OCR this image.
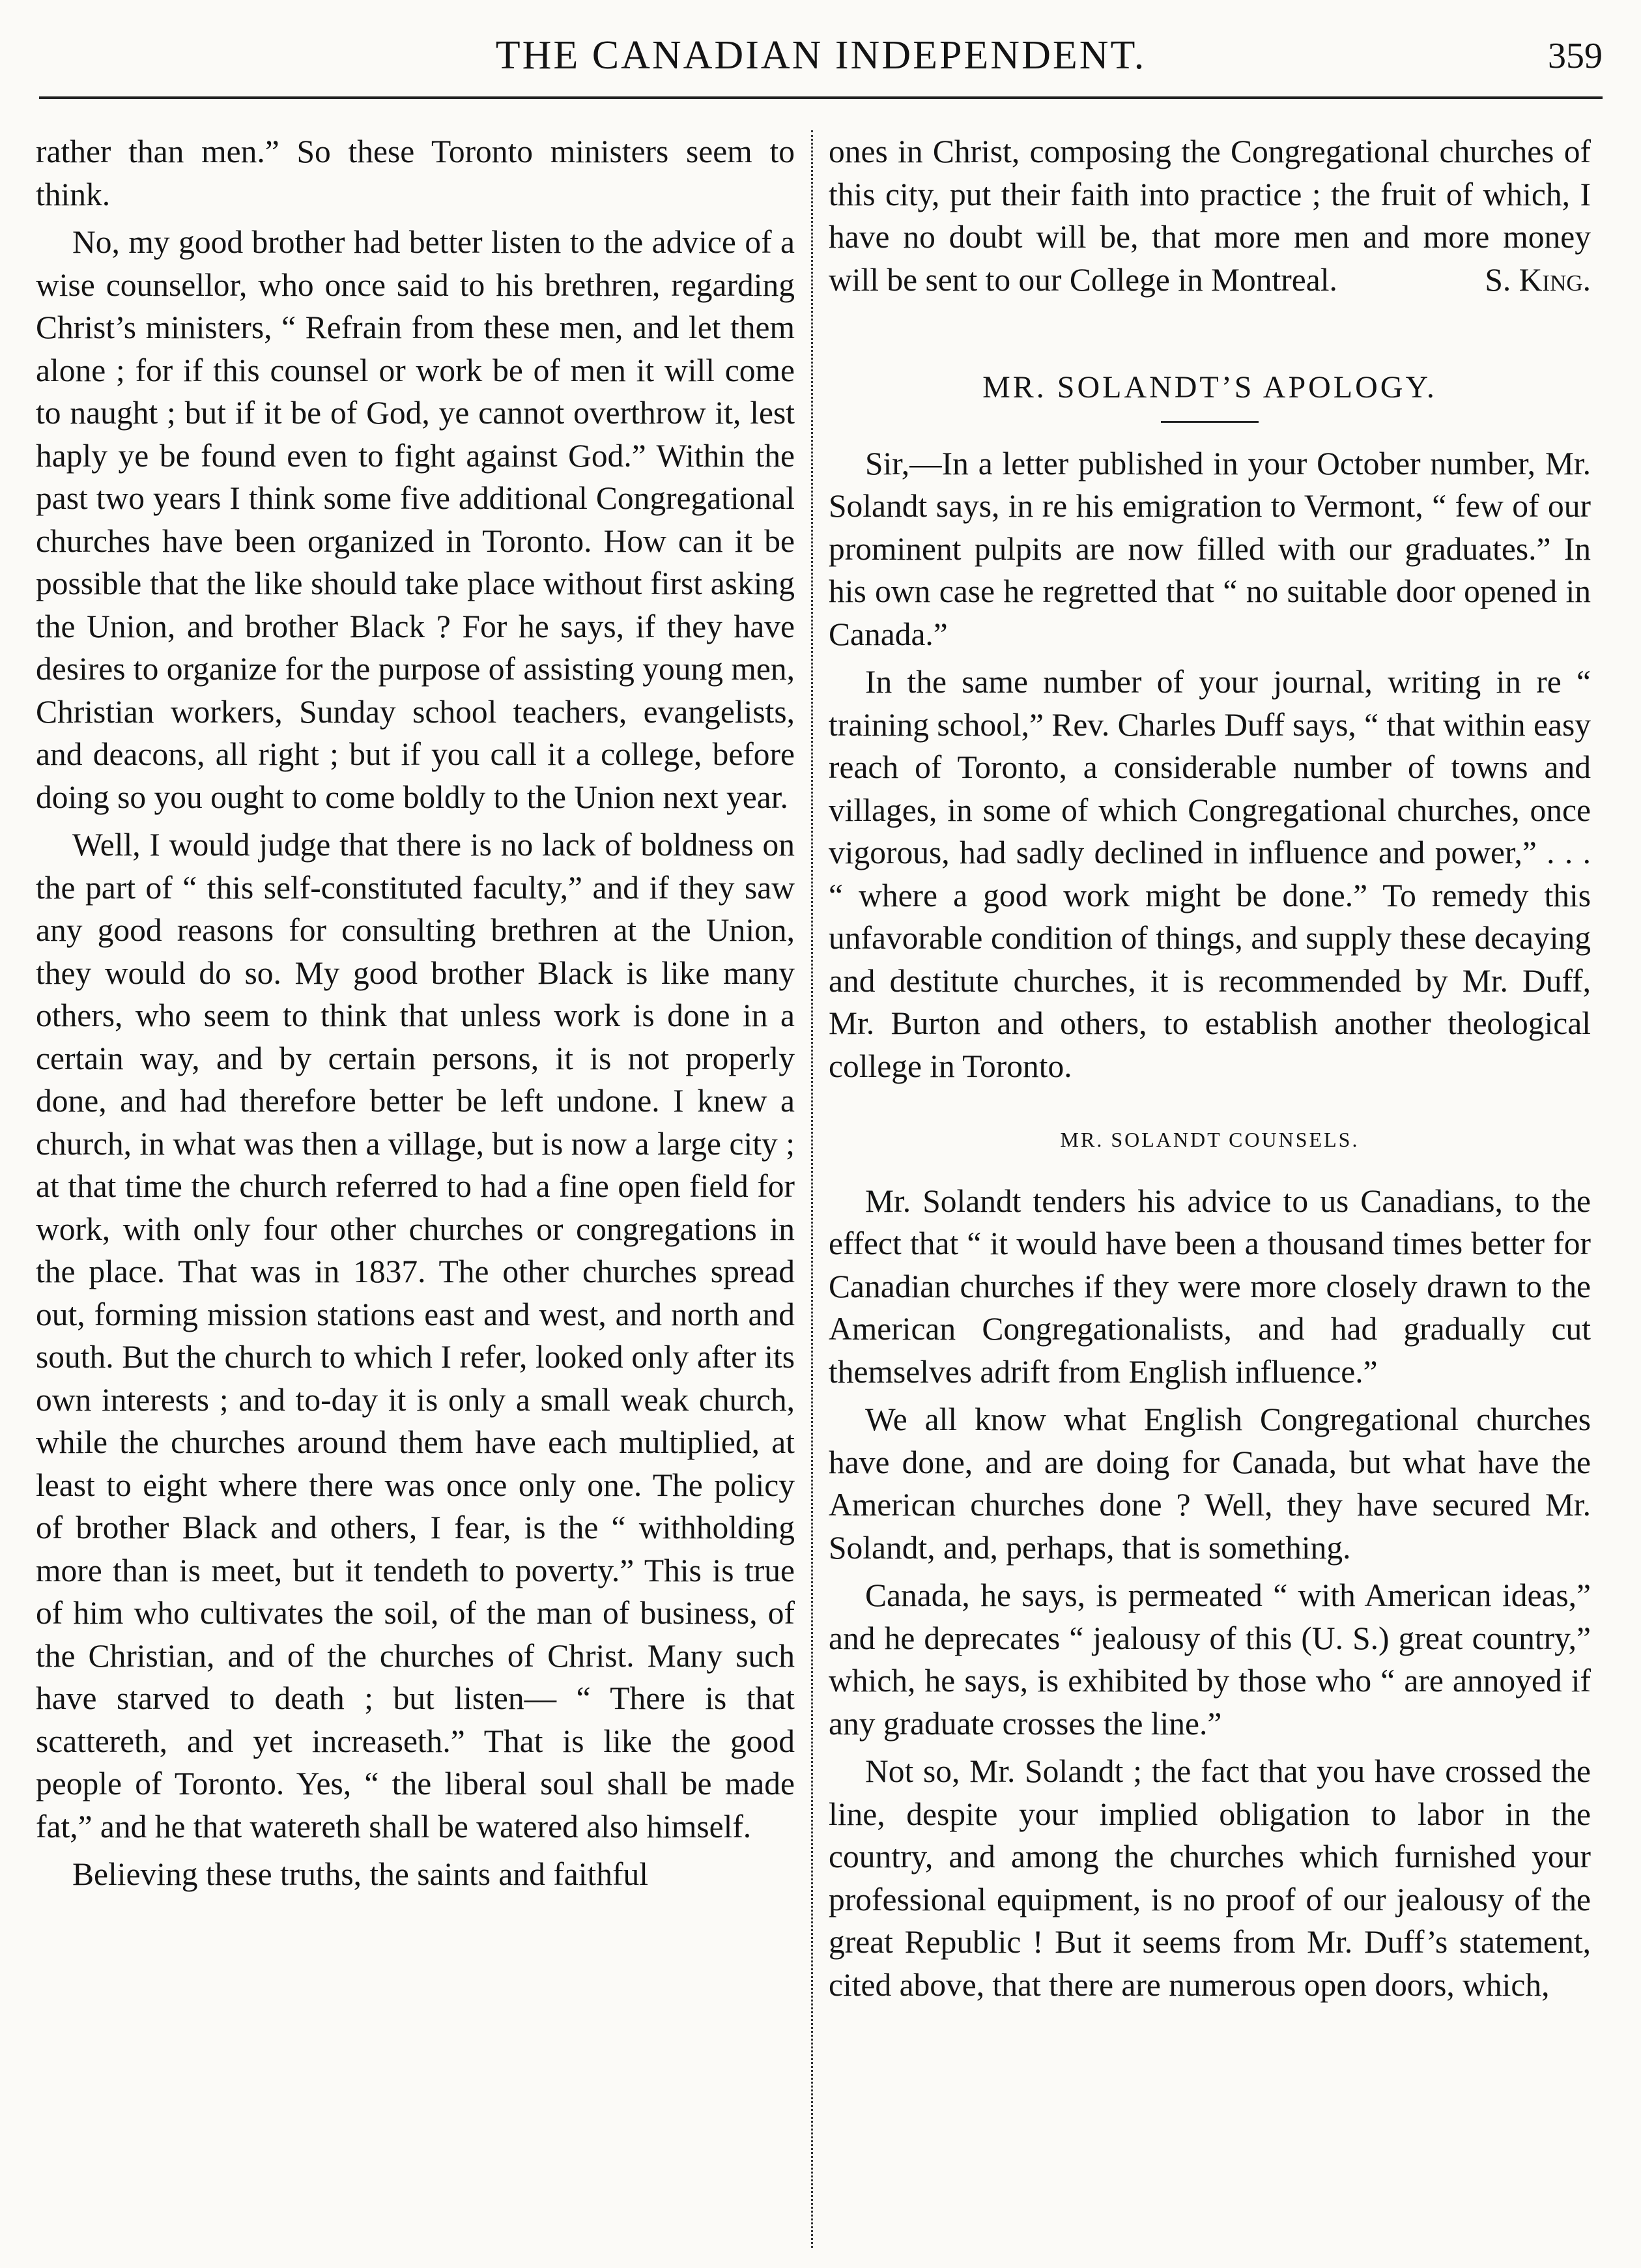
THE CANADIAN INDEPENDENT.	359

rather than men.” So these Toronto ministers seem to think.

No, my good brother had better listen to the advice of a wise counsellor, who once said to his brethren, regarding Christ’s ministers, “ Refrain from these men, and let them alone ; for if this counsel or work be of men it will come to naught ; but if it be of God, ye cannot overthrow it, lest haply ye be found even to fight against God.” Within the past two years I think some five additional Congregational churches have been organized in Toronto. How can it be possible that the like should take place without first asking the Union, and brother Black ? For he says, if they have desires to organize for the purpose of assisting young men, Christian workers, Sunday school teachers, evangelists, and deacons, all right ; but if you call it a college, before doing so you ought to come boldly to the Union next year.

Well, I would judge that there is no lack of boldness on the part of “ this self-constituted faculty,” and if they saw any good reasons for consulting brethren at the Union, they would do so. My good brother Black is like many others, who seem to think that unless work is done in a certain way, and by certain persons, it is not properly done, and had therefore better be left undone. I knew a church, in what was then a village, but is now a large city ; at that time the church referred to had a fine open field for work, with only four other churches or congregations in the place. That was in 1837. The other churches spread out, forming mission stations east and west, and north and south. But the church to which I refer, looked only after its own interests ; and to-day it is only a small weak church, while the churches around them have each multiplied, at least to eight where there was once only one. The policy of brother Black and others, I fear, is the “ withholding more than is meet, but it tendeth to poverty.” This is true of him who cultivates the soil, of the man of business, of the Christian, and of the churches of Christ. Many such have starved to death ; but listen— “ There is that scattereth, and yet increaseth.” That is like the good people of Toronto. Yes, “ the liberal soul shall be made fat,” and he that watereth shall be watered also himself.

Believing these truths, the saints and faithful

ones in Christ, composing the Congregational churches of this city, put their faith into practice ; the fruit of which, I have no doubt will be, that more men and more money will be sent to our College in Montreal.	S. King.

MR. SOLANDT’S APOLOGY.

Sir,—In a letter published in your October number, Mr. Solandt says, in re his emigration to Vermont, “ few of our prominent pulpits are now filled with our graduates.” In his own case he regretted that “ no suitable door opened in Canada.”

In the same number of your journal, writing in re “ training school,” Rev. Charles Duff says, “ that within easy reach of Toronto, a considerable number of towns and villages, in some of which Congregational churches, once vigorous, had sadly declined in influence and power,” . . . “ where a good work might be done.” To remedy this unfavorable condition of things, and supply these decaying and destitute churches, it is recommended by Mr. Duff, Mr. Burton and others, to establish another theological college in Toronto.

MR. SOLANDT COUNSELS.

Mr. Solandt tenders his advice to us Canadians, to the effect that “ it would have been a thousand times better for Canadian churches if they were more closely drawn to the American Congregationalists, and had gradually cut themselves adrift from English influence.”

We all know what English Congregational churches have done, and are doing for Canada, but what have the American churches done ? Well, they have secured Mr. Solandt, and, perhaps, that is something.

Canada, he says, is permeated “ with American ideas,” and he deprecates “ jealousy of this (U. S.) great country,” which, he says, is exhibited by those who “ are annoyed if any graduate crosses the line.”

Not so, Mr. Solandt ; the fact that you have crossed the line, despite your implied obligation to labor in the country, and among the churches which furnished your professional equipment, is no proof of our jealousy of the great Republic ! But it seems from Mr. Duff’s statement, cited above, that there are numerous open doors, which,
